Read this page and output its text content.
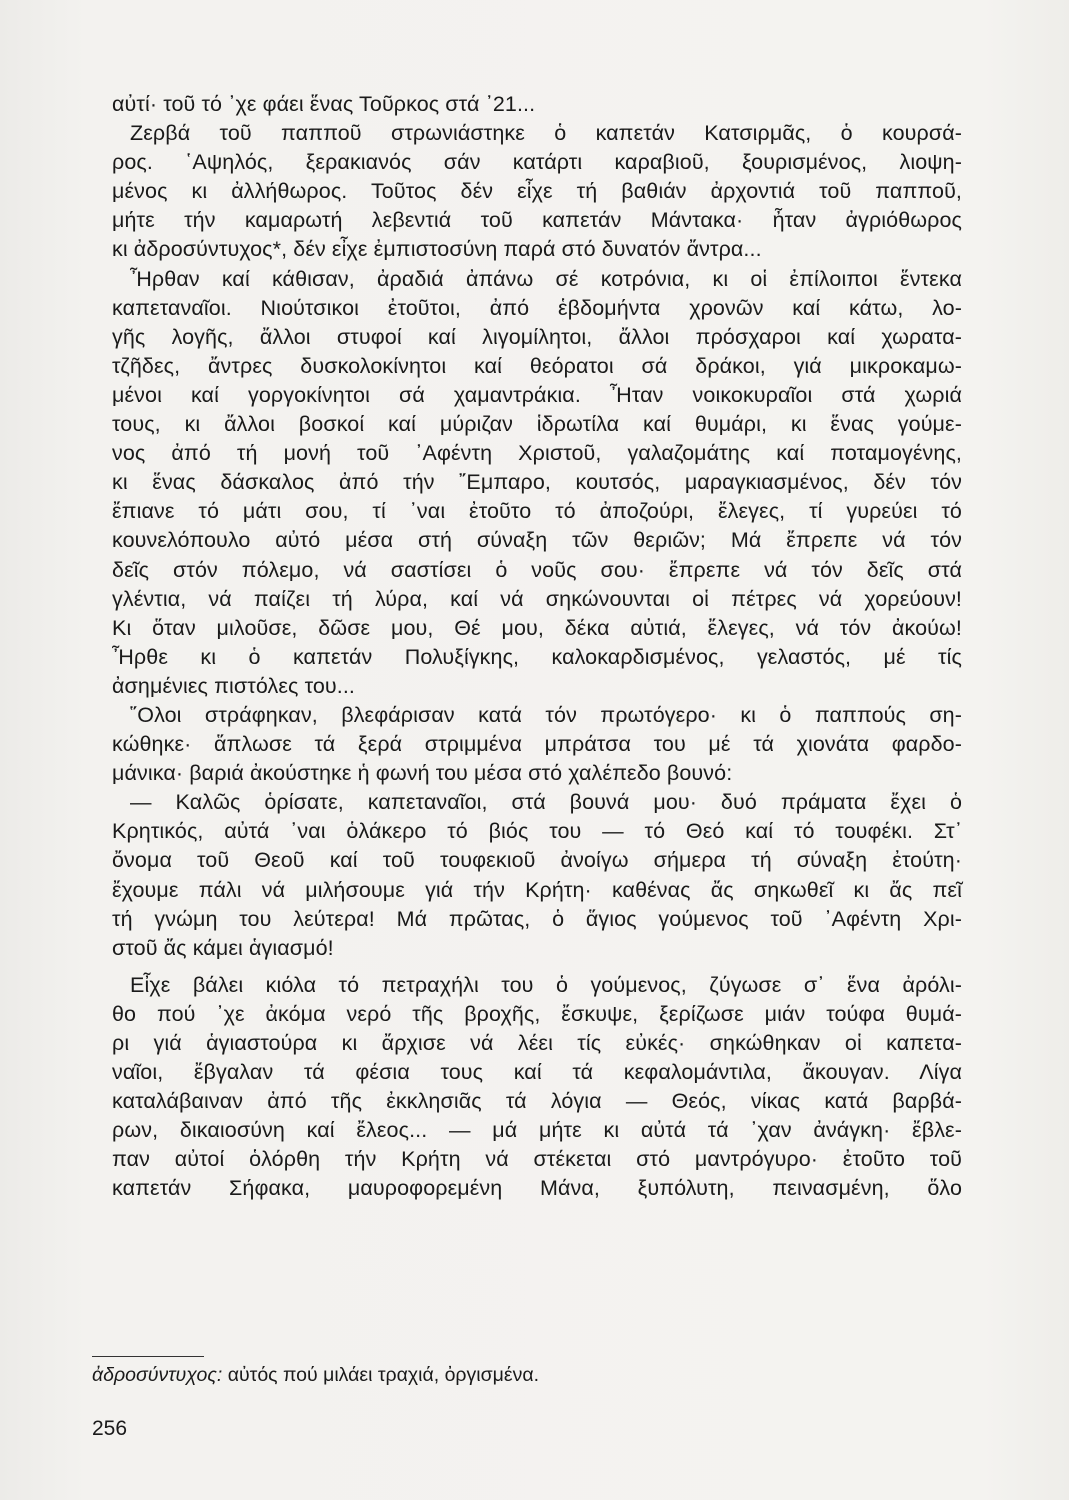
αὐτί· τοῦ τό ᾿χε φάει ἕνας Τοῦρκος στά ᾿21...
Ζερβά τοῦ παπποῦ στρωνιάστηκε ὁ καπετάν Κατσιρμᾶς, ὁ κουρσά-
ρος. ῾Αψηλός, ξερακιανός σάν κατάρτι καραβιοῦ, ξουρισμένος, λιοψη-
μένος κι ἀλλήθωρος. Τοῦτος δέν εἶχε τή βαθιάν ἀρχοντιά τοῦ παπποῦ,
μήτε τήν καμαρωτή λεβεντιά τοῦ καπετάν Μάντακα· ἦταν ἀγριόθωρος
κι ἀδροσύντυχος*, δέν εἶχε ἐμπιστοσύνη παρά στό δυνατόν ἄντρα...
Ἦρθαν καί κάθισαν, ἀραδιά ἀπάνω σέ κοτρόνια, κι οἱ ἐπίλοιποι ἕντεκα
καπεταναῖοι. Νιούτσικοι ἐτοῦτοι, ἀπό ἑβδομήντα χρονῶν καί κάτω, λο-
γῆς λογῆς, ἄλλοι στυφοί καί λιγομίλητοι, ἄλλοι πρόσχαροι καί χωρατα-
τζῆδες, ἄντρες δυσκολοκίνητοι καί θεόρατοι σά δράκοι, γιά μικροκαμω-
μένοι καί γοργοκίνητοι σά χαμαντράκια. Ἦταν νοικοκυραῖοι στά χωριά
τους, κι ἄλλοι βοσκοί καί μύριζαν ἱδρωτίλα καί θυμάρι, κι ἕνας γούμε-
νος ἀπό τή μονή τοῦ ᾿Αφέντη Χριστοῦ, γαλαζομάτης καί ποταμογένης,
κι ἕνας δάσκαλος ἀπό τήν ῎Εμπαρο, κουτσός, μαραγκιασμένος, δέν τόν
ἔπιανε τό μάτι σου, τί ᾿ναι ἐτοῦτο τό ἀποζούρι, ἔλεγες, τί γυρεύει τό
κουνελόπουλο αὐτό μέσα στή σύναξη τῶν θεριῶν; Μά ἔπρεπε νά τόν
δεῖς στόν πόλεμο, νά σαστίσει ὁ νοῦς σου· ἔπρεπε νά τόν δεῖς στά
γλέντια, νά παίζει τή λύρα, καί νά σηκώνουνται οἱ πέτρες νά χορεύουν!
Κι ὅταν μιλοῦσε, δῶσε μου, Θέ μου, δέκα αὐτιά, ἔλεγες, νά τόν ἀκούω!
Ἦρθε κι ὁ καπετάν Πολυξίγκης, καλοκαρδισμένος, γελαστός, μέ τίς
ἀσημένιες πιστόλες του...
῞Ολοι στράφηκαν, βλεφάρισαν κατά τόν πρωτόγερο· κι ὁ παππούς ση-
κώθηκε· ἅπλωσε τά ξερά στριμμένα μπράτσα του μέ τά χιονάτα φαρδο-
μάνικα· βαριά ἀκούστηκε ἡ φωνή του μέσα στό χαλέπεδο βουνό:
— Καλῶς ὁρίσατε, καπεταναῖοι, στά βουνά μου· δυό πράματα ἔχει ὁ
Κρητικός, αὐτά ᾿ναι ὁλάκερο τό βιός του — τό Θεό καί τό τουφέκι. Στ᾿
ὄνομα τοῦ Θεοῦ καί τοῦ τουφεκιοῦ ἀνοίγω σήμερα τή σύναξη ἐτούτη·
ἔχουμε πάλι νά μιλήσουμε γιά τήν Κρήτη· καθένας ἄς σηκωθεῖ κι ἄς πεῖ
τή γνώμη του λεύτερα! Μά πρῶτας, ὁ ἅγιος γούμενος τοῦ ᾿Αφέντη Χρι-
στοῦ ἄς κάμει ἁγιασμό!
Εἶχε βάλει κιόλα τό πετραχήλι του ὁ γούμενος, ζύγωσε σ᾿ ἕνα ἀρόλι-
θο πού ᾿χε ἀκόμα νερό τῆς βροχῆς, ἔσκυψε, ξερίζωσε μιάν τούφα θυμά-
ρι γιά ἁγιαστούρα κι ἄρχισε νά λέει τίς εὐκές· σηκώθηκαν οἱ καπετα-
ναῖοι, ἔβγαλαν τά φέσια τους καί τά κεφαλομάντιλα, ἄκουγαν. Λίγα
καταλάβαιναν ἀπό τῆς ἐκκλησιᾶς τά λόγια — Θεός, νίκας κατά βαρβά-
ρων, δικαιοσύνη καί ἔλεος... — μά μήτε κι αὐτά τά ᾿χαν ἀνάγκη· ἔβλε-
παν αὐτοί ὁλόρθη τήν Κρήτη νά στέκεται στό μαντρόγυρο· ἐτοῦτο τοῦ
καπετάν Σήφακα, μαυροφορεμένη Μάνα, ξυπόλυτη, πεινασμένη, ὅλο
ἀδροσύντυχος: αὐτός πού μιλάει τραχιά, ὀργισμένα.
256
